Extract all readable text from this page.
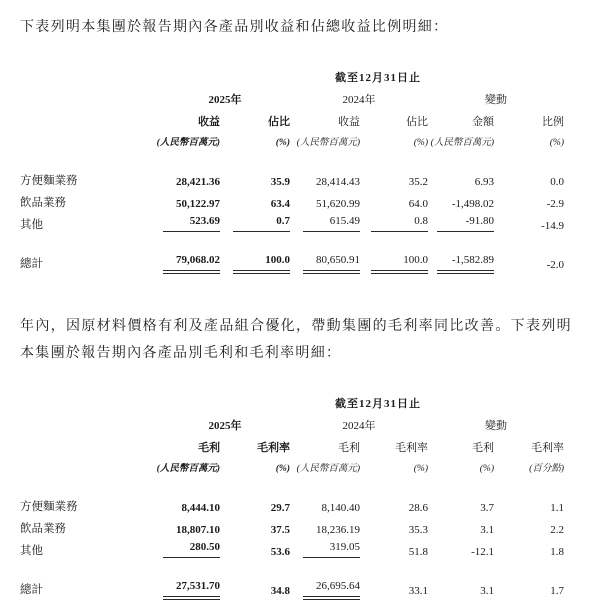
下表列明本集團於報告期內各產品別收益和佔總收益比例明細：

截至12月31日止
2025年	2024年	變動
收益	佔比	收益	佔比	金額	比例
(人民幣百萬元)	(%) (人民幣百萬元)	(%) (人民幣百萬元)	(%)
方便麵業務	28,421.36	35.9	28,414.43	35.2	6.93	0.0
飲品業務	50,122.97	63.4	51,620.99	64.0	-1,498.02	-2.9
其他	523.69	0.7	615.49	0.8	-91.80	-14.9
總計	79,068.02	100.0	80,650.91	100.0	-1,582.89	-2.0

年內，因原材料價格有利及產品組合優化，帶動集團的毛利率同比改善。下表列明本集團於報告期內各產品別毛利和毛利率明細：

截至12月31日止
2025年	2024年	變動
毛利	毛利率	毛利	毛利率	毛利	毛利率
(人民幣百萬元)	(%) (人民幣百萬元)	(%)	(%)	(百分點)
方便麵業務	8,444.10	29.7	8,140.40	28.6	3.7	1.1
飲品業務	18,807.10	37.5	18,236.19	35.3	3.1	2.2
其他	280.50	53.6	319.05	51.8	-12.1	1.8
總計	27,531.70	34.8	26,695.64	33.1	3.1	1.7
